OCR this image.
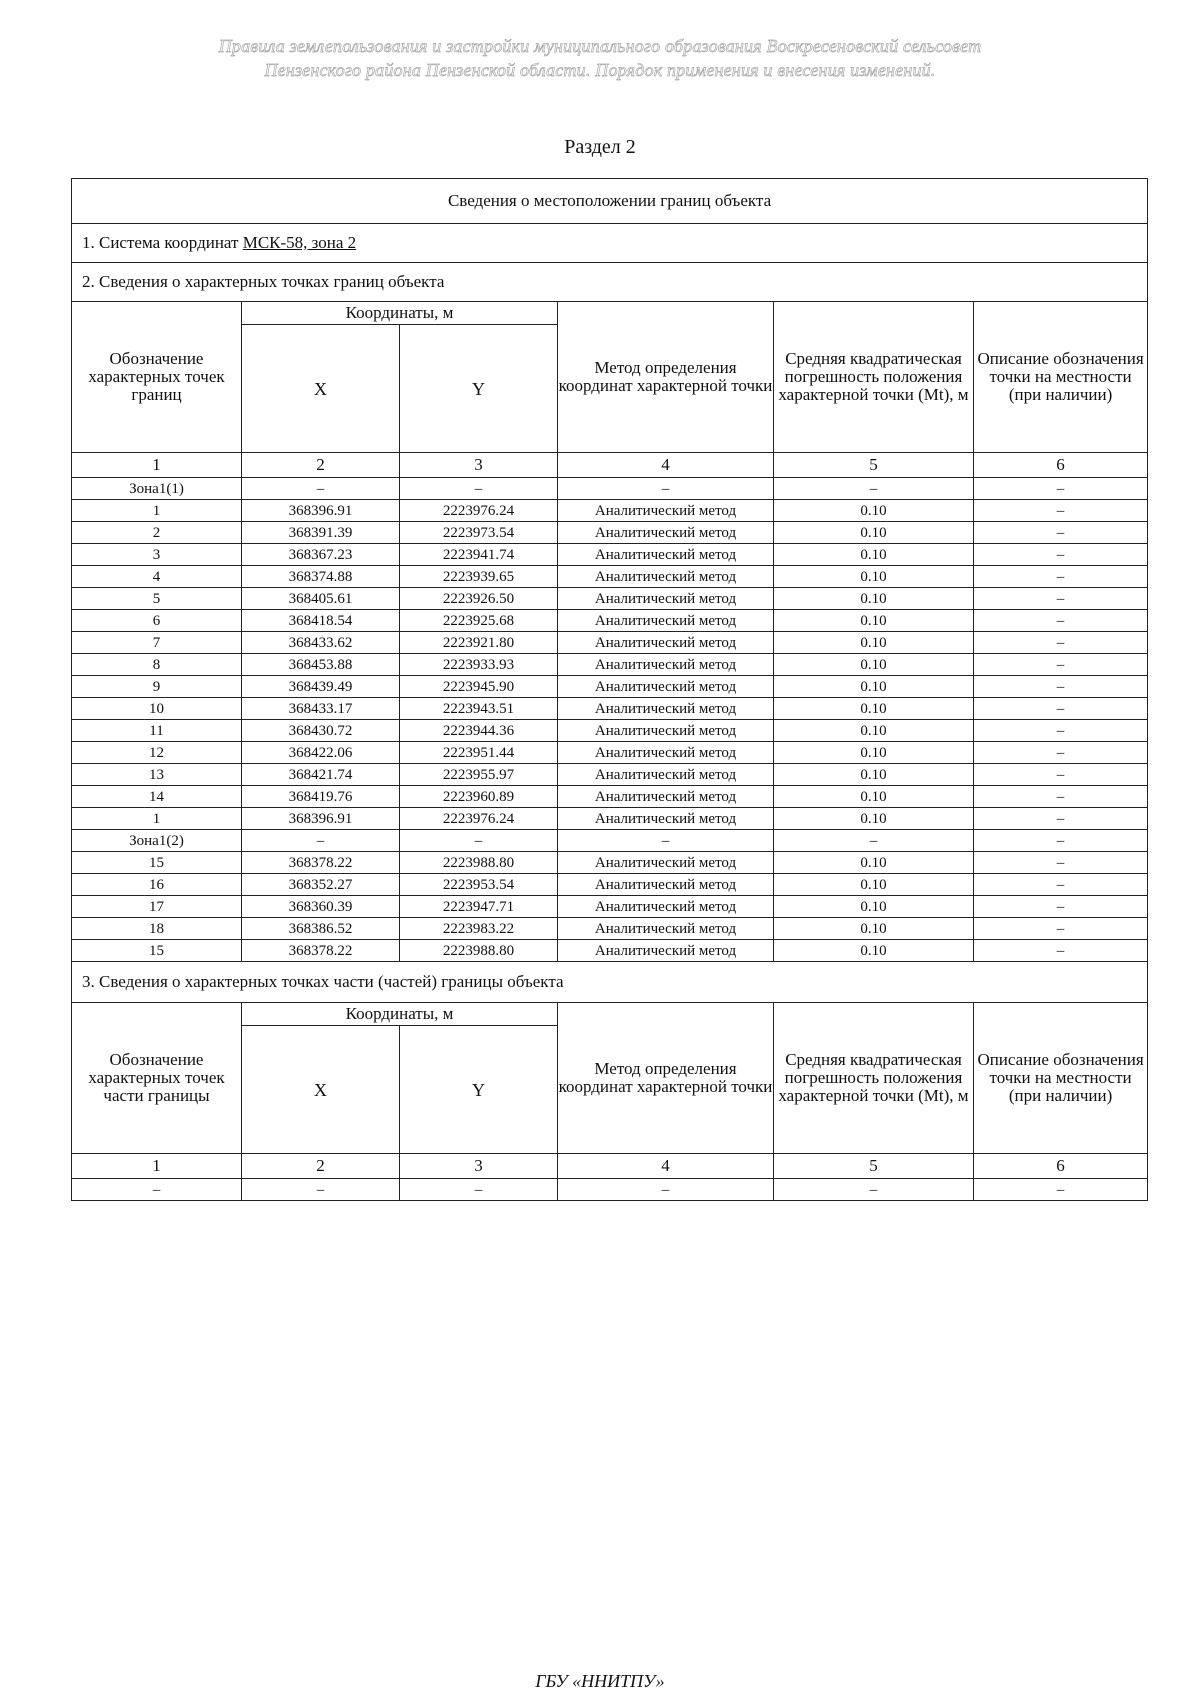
Правила землепользования и застройки муниципального образования Воскресеновский сельсовет
Пензенского района Пензенской области. Порядок применения и внесения изменений.
Раздел 2
Сведения о местоположении границ объекта					
1. Система координат МСК-58, зона 2					
2. Сведения о характерных точках границ объекта					
Обозначение характерных точек границ	Координаты, м		Метод определения координат характерной точки	Средняя квадратическая погрешность положения характерной точки (Mt), м	Описание обозначения точки на местности (при наличии)
	X	Y			
1	2	3	4	5	6
Зона1(1)	–	–	–	–	–
1	368396.91	2223976.24	Аналитический метод	0.10	–
2	368391.39	2223973.54	Аналитический метод	0.10	–
3	368367.23	2223941.74	Аналитический метод	0.10	–
4	368374.88	2223939.65	Аналитический метод	0.10	–
5	368405.61	2223926.50	Аналитический метод	0.10	–
6	368418.54	2223925.68	Аналитический метод	0.10	–
7	368433.62	2223921.80	Аналитический метод	0.10	–
8	368453.88	2223933.93	Аналитический метод	0.10	–
9	368439.49	2223945.90	Аналитический метод	0.10	–
10	368433.17	2223943.51	Аналитический метод	0.10	–
11	368430.72	2223944.36	Аналитический метод	0.10	–
12	368422.06	2223951.44	Аналитический метод	0.10	–
13	368421.74	2223955.97	Аналитический метод	0.10	–
14	368419.76	2223960.89	Аналитический метод	0.10	–
1	368396.91	2223976.24	Аналитический метод	0.10	–
Зона1(2)	–	–	–	–	–
15	368378.22	2223988.80	Аналитический метод	0.10	–
16	368352.27	2223953.54	Аналитический метод	0.10	–
17	368360.39	2223947.71	Аналитический метод	0.10	–
18	368386.52	2223983.22	Аналитический метод	0.10	–
15	368378.22	2223988.80	Аналитический метод	0.10	–
3. Сведения о характерных точках части (частей) границы объекта					
Обозначение характерных точек части границы	Координаты, м		Метод определения координат характерной точки	Средняя квадратическая погрешность положения характерной точки (Mt), м	Описание обозначения точки на местности (при наличии)
	X	Y			
1	2	3	4	5	6
–	–	–	–	–	–
ГБУ «ННИТПУ»
